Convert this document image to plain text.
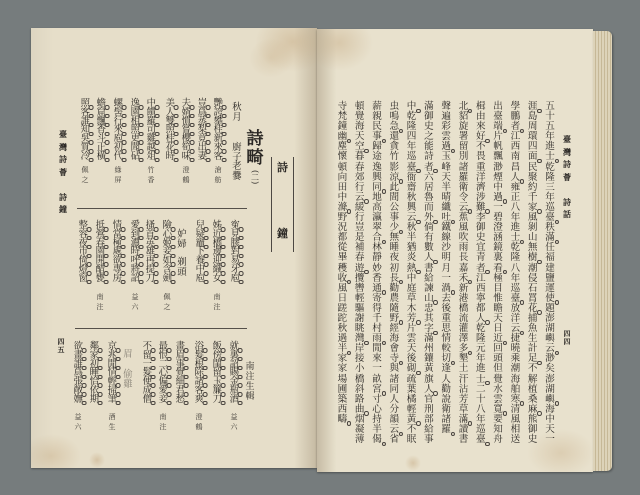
臺
灣
詩
薈

詩
鐘
四
五
詩
鐘
詩
畸
(二)
南
注
生
輯
秋
月
廚
子
老
爨
艷
誇
攀
桂
新
來
客
滄
舫
豈
爲
蒸
梨
竟
出
妻
夫
婿
慣
嘗
櫻
筍
味
澄
鶴
美
人
雙
照
桂
花
時
中
饋
羅
司
雞
越
俎
竹
香
逸
園
相
照
更
聞
砧
螺
髻
行
來
庖
初
代
綠
屏
蟾
窟
飄
香
斗
正
橫
照
客
誰
知
吳
質
冷
佩
之
寃
見
膠
對
易
牙
庖
姊
近
橋
邊
迎
織
女
南
注
兒
疑
竈
下
養
中
庖
妒
婦
剃
頭
險
心
姬
妾
如
含
劍
佩
之
搔
首
英
雄
再
提
刀
愛
到
濃
時
呼
將
詔
益
六
情
當
極
處
欲
專
房
抵
鶯
春
園
開
醋
甕
南
注
整
容
夜
市
倚
燈
窗
就
裏
詔
賜
金
瓶
酒
益
六
飯
傍
閨
留
玉
簾
刀
浴
髮
根
除
諸
客
爽
澄
鶴
畫
眉
事
覺
細
君
愁
最
恨
二
心
偏
愛
妾
南
注
不
留
一
髮
便
成
僧
眉
偷
雞
京
兆
閒
情
輕
掃
筆
酒
生
鄰
家
初
睡
恰
依
期
欲
畫
誰
爲
張
敞
嫵
益
六
臺
灣
詩
薈

詩
話
四
四
五
十
五
年
進
士
乾
隆
三
年
巡
臺
秩
滿
任
福
建
鹽
運
使
題
澎
湖
嶼
云
渺
矣
澎
湖
嶼
海
中
天
一
涯
島
周
環
四
面
民
聚
約
千
家
風
剝
山
無
樹
潮
侵
石
罥
花
捕
魚
生
計
足
不
解
植
桑
麻
熊
御
史
學
鵬
者
江
西
南
昌
人
雍
正
八
年
進
士
乾
隆
八
年
巡
臺
放
洋
云
捷
曉
乘
潮
海
舶
寒
清
風
相
送
出
臺
端
片
帆
飄
渺
煙
中
過
一
碧
澄
涵
鏡
裏
看
極
目
惟
瞻
天
日
近
回
頭
但
覺
水
雲
寬
要
知
舟
楫
由
來
好
不
畏
重
洋
濟
涉
難
李
御
史
宜
青
者
江
西
寧
都
人
乾
隆
元
年
進
士
二
十
八
年
巡
臺
北
貂
旋
署
留
別
諸
羅
衛
令
云
蕉
風
吹
雨
長
嘉
禾
新
港
橋
流
灌
澤
多
墾
土
汗
沾
芳
草
滿
讀
書
聲
遍
彩
雲
過
玉
峰
天
半
晴
纖
吐
鐵
線
沙
明
月
一
渦
去
後
重
思
情
較
切
逢
人
勸
說
衛
諸
羅
滿
御
史
之
能
詩
者
六
居
魯
而
外
倘
有
數
人
書
給
諫
山
忠
其
字
滿
州
鑲
黃
旗
人
官
刑
部
給
事
中
乾
隆
四
年
巡
臺
衙
齋
秋
興
云
秋
半
猶
炎
熱
中
庭
草
木
芳
片
雲
天
後
砌
疏
葉
橘
輕
黃
不
眠
虫
鳴
急
還
貪
竹
影
涼
此
間
公
事
少
無
睡
夜
初
長
勸
農
隨
野
經
海
會
寺
與
諸
同
人
分
韻
云
省
薪
親
民
事
歸
途
逸
興
同
地
高
瀛
翠
合
林
靜
妙
香
通
寄
得
千
村
雨
閒
來
一
畝
宮
寸
心
持
半
偈
頓
覺
海
天
空
暮
春
郊
行
云
緩
行
豈
是
補
春
遊
攬
轡
輕
驅
謝
眺
灣
岸
接
小
橋
斜
路
曲
烟
凝
薄
寺
梵
鐘
幽
塵
懷
頓
向
田
中
滌
野
況
都
從
畢
穫
收
風
日
蹉
跎
秋
過
半
家
家
場
圃
築
西
疇
